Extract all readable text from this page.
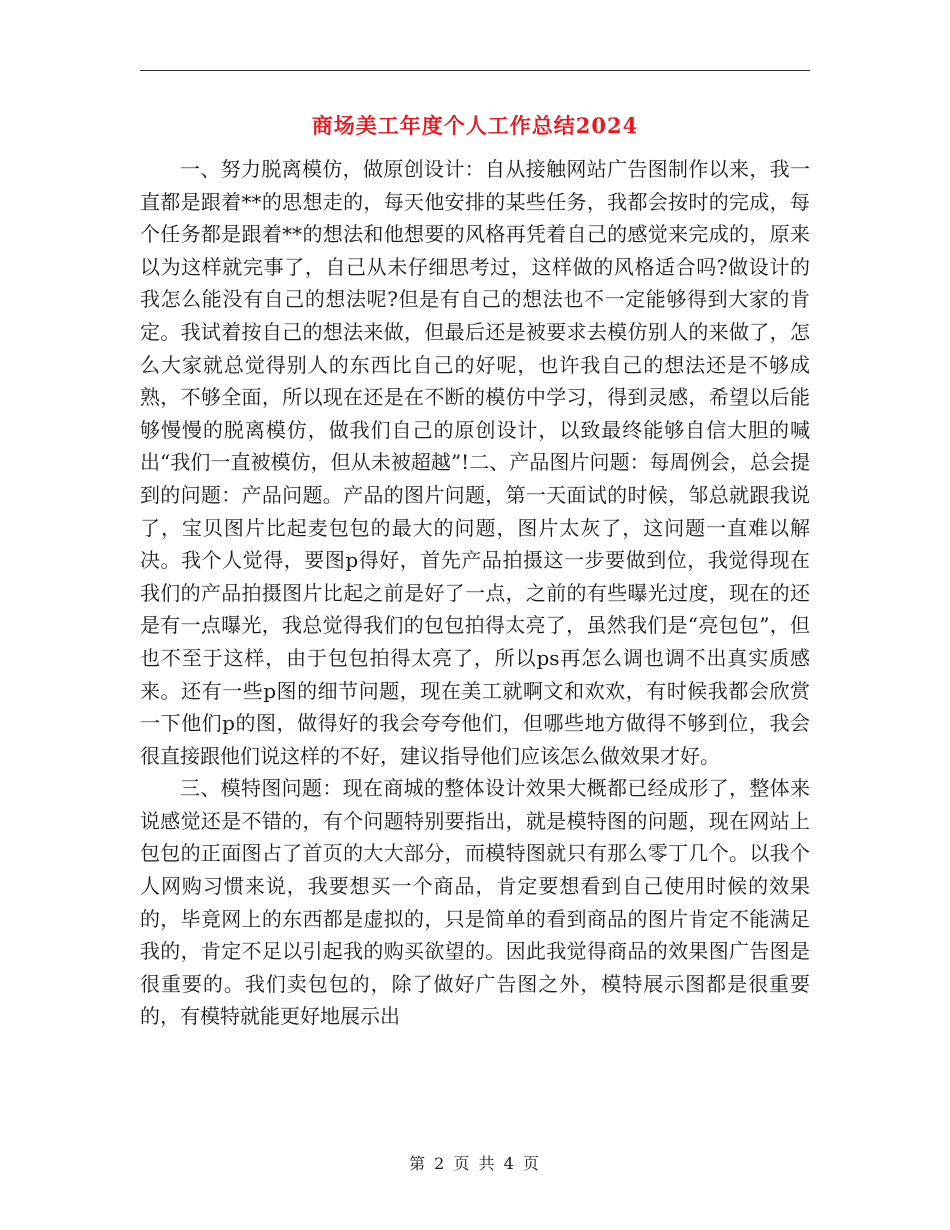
商场美工年度个人工作总结2024

一、努力脱离模仿，做原创设计：自从接触网站广告图制作以来，我一直都是跟着**的思想走的，每天他安排的某些任务，我都会按时的完成，每个任务都是跟着**的想法和他想要的风格再凭着自己的感觉来完成的，原来以为这样就完事了，自己从未仔细思考过，这样做的风格适合吗?做设计的我怎么能没有自己的想法呢?但是有自己的想法也不一定能够得到大家的肯定。我试着按自己的想法来做，但最后还是被要求去模仿别人的来做了，怎么大家就总觉得别人的东西比自己的好呢，也许我自己的想法还是不够成熟，不够全面，所以现在还是在不断的模仿中学习，得到灵感，希望以后能够慢慢的脱离模仿，做我们自己的原创设计，以致最终能够自信大胆的喊出“我们一直被模仿，但从未被超越”!二、产品图片问题：每周例会，总会提到的问题：产品问题。产品的图片问题，第一天面试的时候，邹总就跟我说了，宝贝图片比起麦包包的最大的问题，图片太灰了，这问题一直难以解决。我个人觉得，要图p得好，首先产品拍摄这一步要做到位，我觉得现在我们的产品拍摄图片比起之前是好了一点，之前的有些曝光过度，现在的还是有一点曝光，我总觉得我们的包包拍得太亮了，虽然我们是“亮包包”，但也不至于这样，由于包包拍得太亮了，所以ps再怎么调也调不出真实质感来。还有一些p图的细节问题，现在美工就啊文和欢欢，有时候我都会欣赏一下他们p的图，做得好的我会夸夸他们，但哪些地方做得不够到位，我会很直接跟他们说这样的不好，建议指导他们应该怎么做效果才好。

三、模特图问题：现在商城的整体设计效果大概都已经成形了，整体来说感觉还是不错的，有个问题特别要指出，就是模特图的问题，现在网站上包包的正面图占了首页的大大部分，而模特图就只有那么零丁几个。以我个人网购习惯来说，我要想买一个商品，肯定要想看到自己使用时候的效果的，毕竟网上的东西都是虚拟的，只是简单的看到商品的图片肯定不能满足我的，肯定不足以引起我的购买欲望的。因此我觉得商品的效果图广告图是很重要的。我们卖包包的，除了做好广告图之外，模特展示图都是很重要的，有模特就能更好地展示出

第 2 页 共 4 页
